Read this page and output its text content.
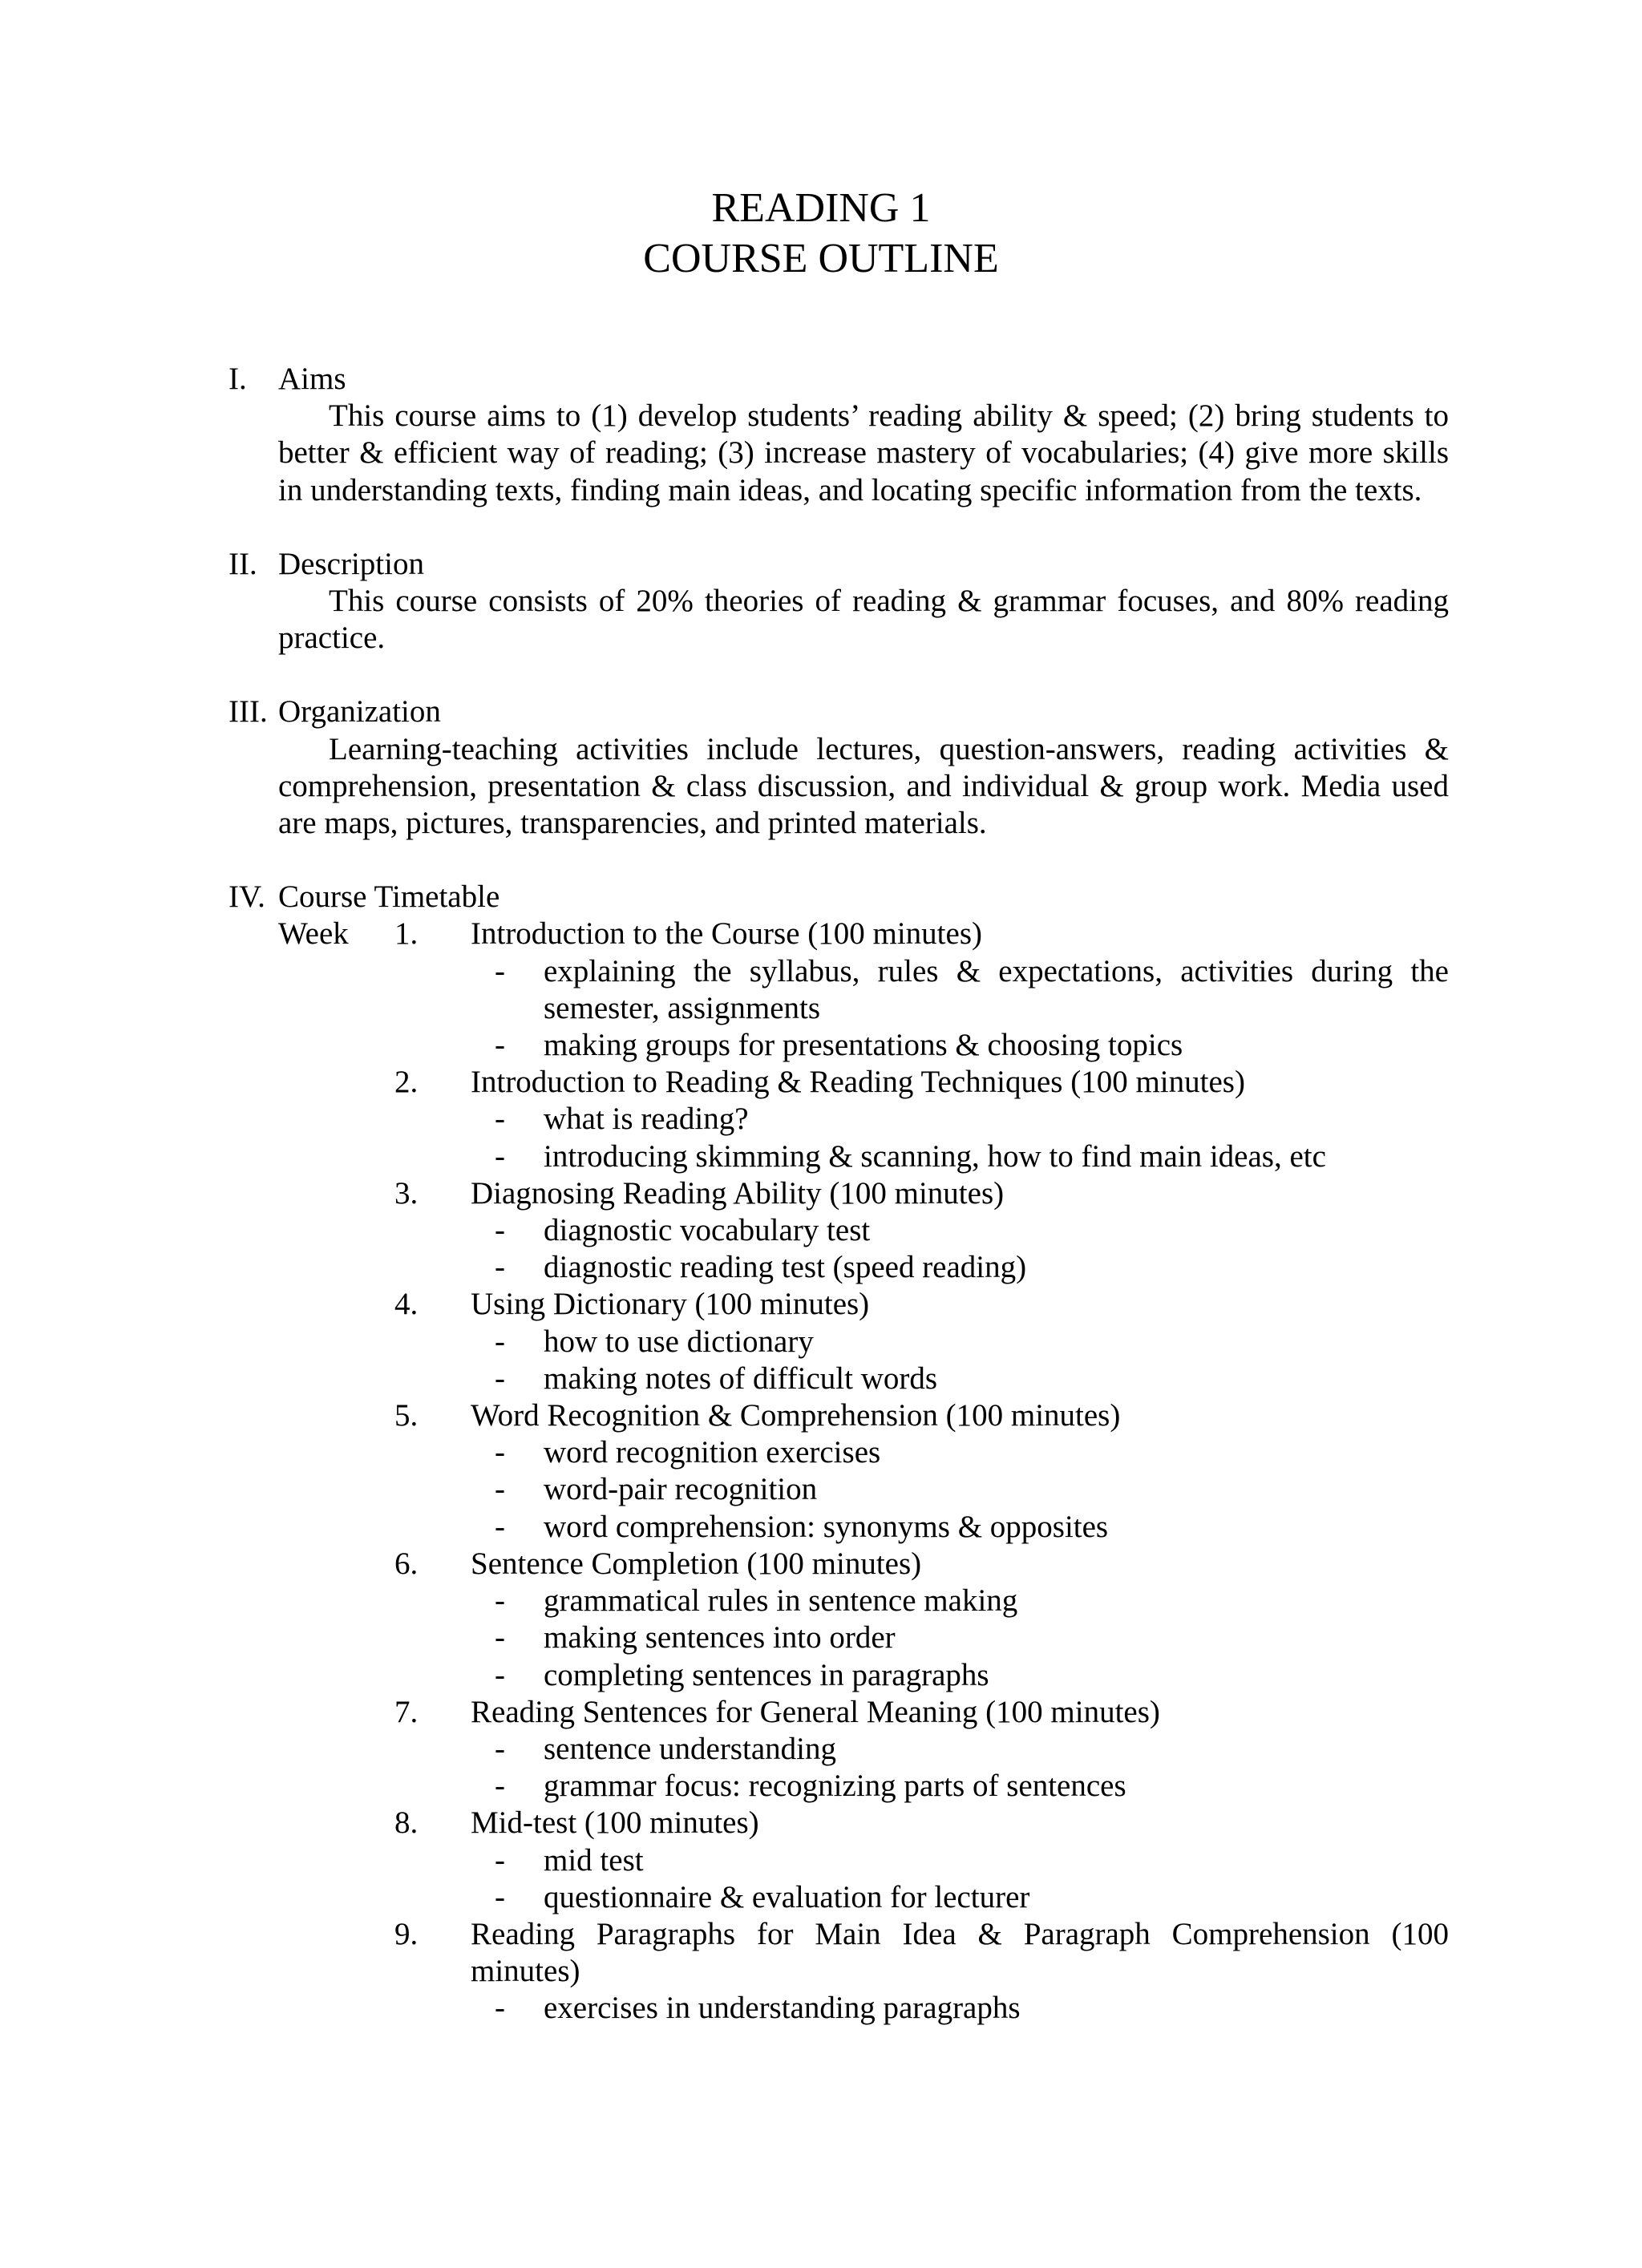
READING 1
COURSE OUTLINE
I. Aims
This course aims to (1) develop students’ reading ability & speed; (2) bring students to better & efficient way of reading; (3) increase mastery of vocabularies; (4) give more skills in understanding texts, finding main ideas, and locating specific information from the texts.
II. Description
This course consists of 20% theories of reading & grammar focuses, and 80% reading practice.
III. Organization
Learning-teaching activities include lectures, question-answers, reading activities & comprehension, presentation & class discussion, and individual & group work. Media used are maps, pictures, transparencies, and printed materials.
IV. Course Timetable
Week 1. Introduction to the Course (100 minutes)
- explaining the syllabus, rules & expectations, activities during the semester, assignments
- making groups for presentations & choosing topics
2. Introduction to Reading & Reading Techniques (100 minutes)
- what is reading?
- introducing skimming & scanning, how to find main ideas, etc
3. Diagnosing Reading Ability (100 minutes)
- diagnostic vocabulary test
- diagnostic reading test (speed reading)
4. Using Dictionary (100 minutes)
- how to use dictionary
- making notes of difficult words
5. Word Recognition & Comprehension (100 minutes)
- word recognition exercises
- word-pair recognition
- word comprehension: synonyms & opposites
6. Sentence Completion (100 minutes)
- grammatical rules in sentence making
- making sentences into order
- completing sentences in paragraphs
7. Reading Sentences for General Meaning (100 minutes)
- sentence understanding
- grammar focus: recognizing parts of sentences
8. Mid-test (100 minutes)
- mid test
- questionnaire & evaluation for lecturer
9. Reading Paragraphs for Main Idea & Paragraph Comprehension (100 minutes)
- exercises in understanding paragraphs
